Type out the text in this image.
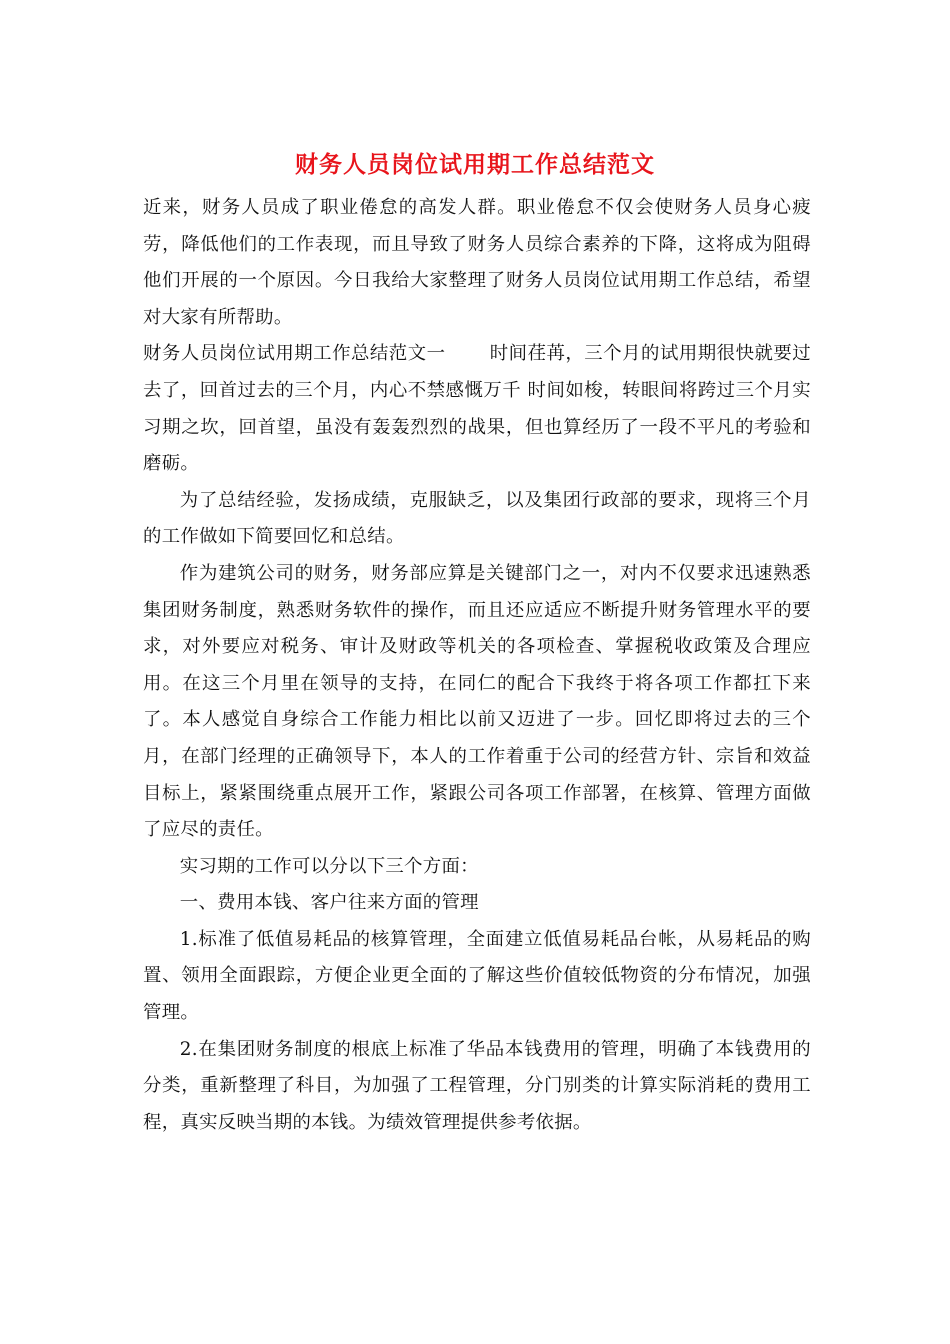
财务人员岗位试用期工作总结范文

近来，财务人员成了职业倦怠的高发人群。职业倦怠不仅会使财务人员身心疲劳，降低他们的工作表现，而且导致了财务人员综合素养的下降，这将成为阻碍他们开展的一个原因。今日我给大家整理了财务人员岗位试用期工作总结，希望对大家有所帮助。

财务人员岗位试用期工作总结范文一 时间荏苒，三个月的试用期很快就要过去了，回首过去的三个月，内心不禁感慨万千 时间如梭，转眼间将跨过三个月实习期之坎，回首望，虽没有轰轰烈烈的战果，但也算经历了一段不平凡的考验和磨砺。

为了总结经验，发扬成绩，克服缺乏，以及集团行政部的要求，现将三个月的工作做如下简要回忆和总结。

作为建筑公司的财务，财务部应算是关键部门之一，对内不仅要求迅速熟悉集团财务制度，熟悉财务软件的操作，而且还应适应不断提升财务管理水平的要求，对外要应对税务、审计及财政等机关的各项检查、掌握税收政策及合理应用。在这三个月里在领导的支持，在同仁的配合下我终于将各项工作都扛下来了。本人感觉自身综合工作能力相比以前又迈进了一步。回忆即将过去的三个月，在部门经理的正确领导下，本人的工作着重于公司的经营方针、宗旨和效益目标上，紧紧围绕重点展开工作，紧跟公司各项工作部署，在核算、管理方面做了应尽的责任。

实习期的工作可以分以下三个方面：

一、费用本钱、客户往来方面的管理

1.标准了低值易耗品的核算管理，全面建立低值易耗品台帐，从易耗品的购置、领用全面跟踪，方便企业更全面的了解这些价值较低物资的分布情况，加强管理。

2.在集团财务制度的根底上标准了华品本钱费用的管理，明确了本钱费用的分类，重新整理了科目，为加强了工程管理，分门别类的计算实际消耗的费用工程，真实反映当期的本钱。为绩效管理提供参考依据。
